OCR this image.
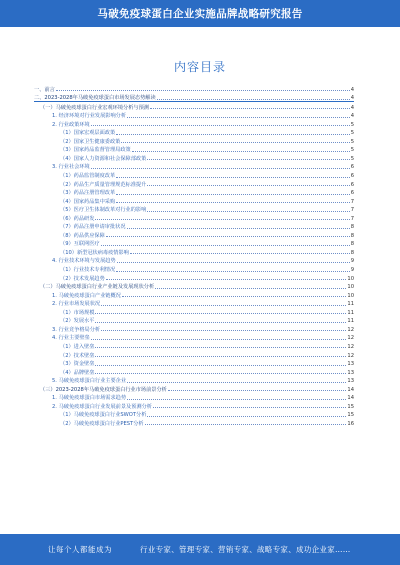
马破免疫球蛋白企业实施品牌战略研究报告
内容目录
一、前言	4
二、2023-2028年马破免疫球蛋白市场发展态势解读	4
（一）马破免疫球蛋白行业宏观环境分析与预测	4
1. 经济环境对行业发展影响分析	4
2. 行业政策环境	5
（1）国家宏观层面政策	5
（2）国家卫生健康委政策	5
（3）国家药品监督管理局政策	5
（4）国家人力资源和社会保障部政策	5
3. 行业社会环境	6
（1）药品监管制度改革	6
（2）药品生产质量管理规范标准提升	6
（3）药品注册管理改革	6
（4）国家药品集中采购	7
（5）医疗卫生体制改革对行业的影响	7
（6）药品研发	7
（7）药品注册申请审批状况	8
（8）药品供应保障	8
（9）互联网医疗	8
（10）新型冠状病毒疫情影响	8
4. 行业技术环境与发展趋势	9
（1）行业技术专利情况	9
（2）技术发展趋势	10
（二）马破免疫球蛋白行业产业链及发展现状分析	10
1. 马破免疫球蛋白产业链概况	10
2. 行业市场发展状况	11
（1）市场规模	11
（2）发展水平	11
3. 行业竞争格局分析	12
4. 行业主要壁垒	12
（1）进入壁垒	12
（2）技术壁垒	12
（3）资金壁垒	13
（4）品牌壁垒	13
5. 马破免疫球蛋白行业主要企业	13
（三）2023-2028年马破免疫球蛋白行业市场前景分析	14
1. 马破免疫球蛋白市场需求趋势	14
2. 马破免疫球蛋白行业发展前景及预测分析	15
（1）马破免疫球蛋白行业SWOT分析	15
（2）马破免疫球蛋白行业PEST分析	16
让每个人都能成为	行业专家、管理专家、营销专家、战略专家、成功企业家……
